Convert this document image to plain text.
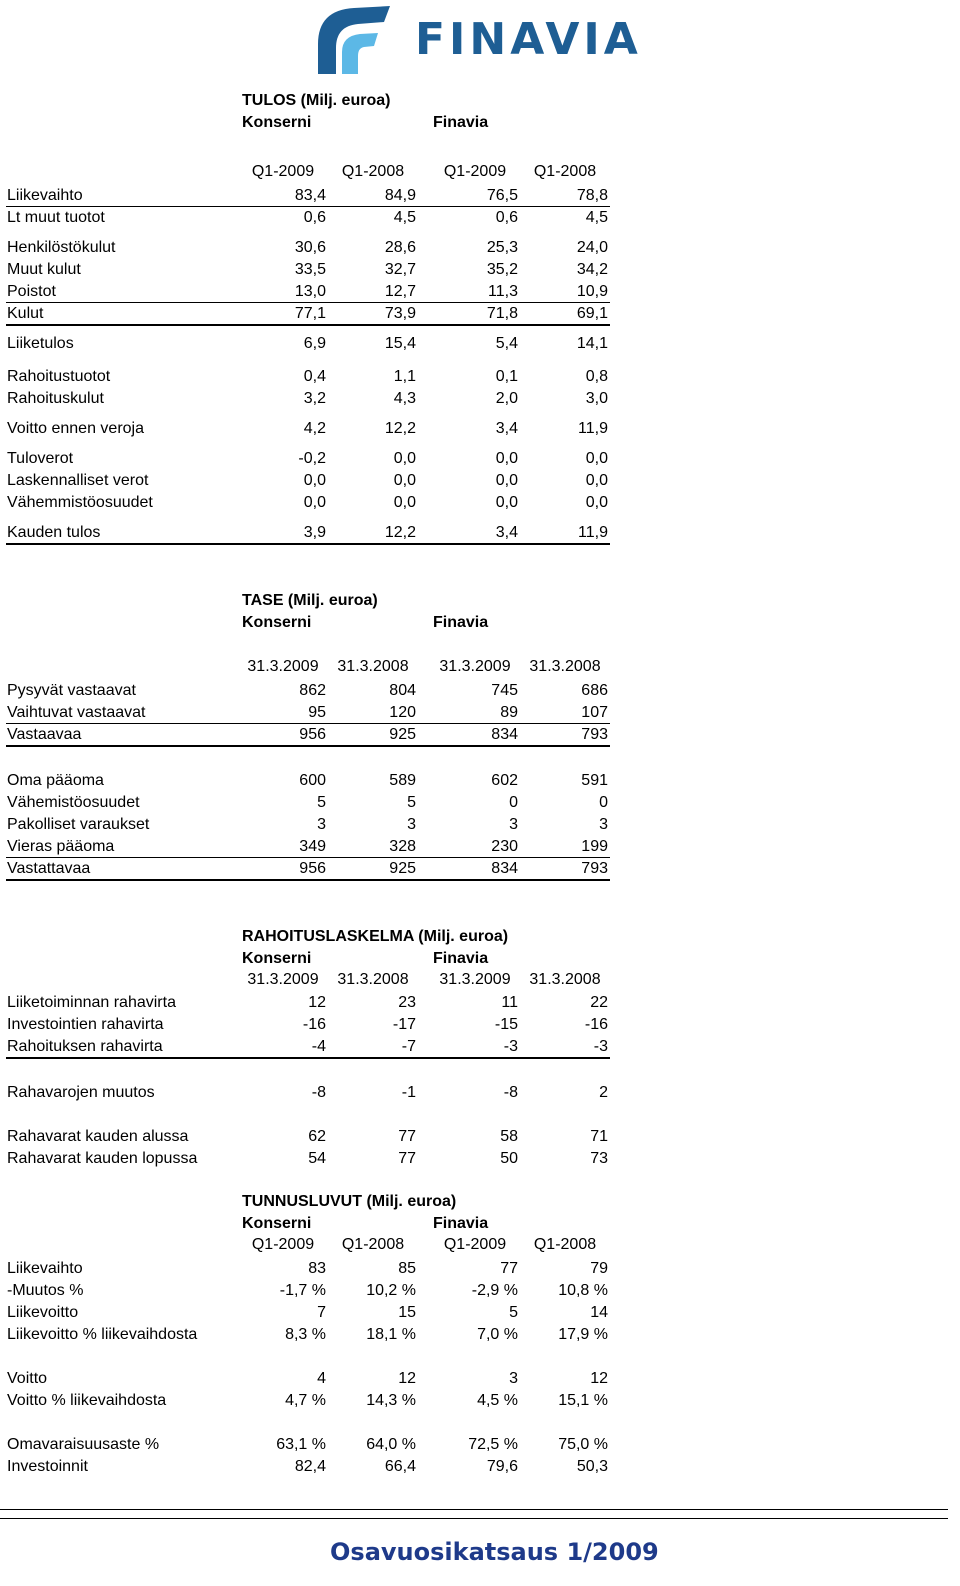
FINAVIA
TULOS (Milj. euroa)
Konserni	Finavia
Q1-2009	Q1-2008	Q1-2009	Q1-2008
Liikevaihto	83,4	84,9	76,5	78,8
Lt muut tuotot	0,6	4,5	0,6	4,5
Henkilöstökulut	30,6	28,6	25,3	24,0
Muut kulut	33,5	32,7	35,2	34,2
Poistot	13,0	12,7	11,3	10,9
Kulut	77,1	73,9	71,8	69,1
Liiketulos	6,9	15,4	5,4	14,1
Rahoitustuotot	0,4	1,1	0,1	0,8
Rahoituskulut	3,2	4,3	2,0	3,0
Voitto ennen veroja	4,2	12,2	3,4	11,9
Tuloverot	-0,2	0,0	0,0	0,0
Laskennalliset verot	0,0	0,0	0,0	0,0
Vähemmistöosuudet	0,0	0,0	0,0	0,0
Kauden tulos	3,9	12,2	3,4	11,9
TASE (Milj. euroa)
Konserni	Finavia
31.3.2009	31.3.2008	31.3.2009	31.3.2008
Pysyvät vastaavat	862	804	745	686
Vaihtuvat vastaavat	95	120	89	107
Vastaavaa	956	925	834	793
Oma pääoma	600	589	602	591
Vähemistöosuudet	5	5	0	0
Pakolliset varaukset	3	3	3	3
Vieras pääoma	349	328	230	199
Vastattavaa	956	925	834	793
RAHOITUSLASKELMA (Milj. euroa)
Konserni	Finavia
31.3.2009	31.3.2008	31.3.2009	31.3.2008
Liiketoiminnan rahavirta	12	23	11	22
Investointien rahavirta	-16	-17	-15	-16
Rahoituksen rahavirta	-4	-7	-3	-3
Rahavarojen muutos	-8	-1	-8	2
Rahavarat kauden alussa	62	77	58	71
Rahavarat kauden lopussa	54	77	50	73
TUNNUSLUVUT (Milj. euroa)
Konserni	Finavia
Q1-2009	Q1-2008	Q1-2009	Q1-2008
Liikevaihto	83	85	77	79
-Muutos %	-1,7 %	10,2 %	-2,9 %	10,8 %
Liikevoitto	7	15	5	14
Liikevoitto % liikevaihdosta	8,3 %	18,1 %	7,0 %	17,9 %
Voitto	4	12	3	12
Voitto % liikevaihdosta	4,7 %	14,3 %	4,5 %	15,1 %
Omavaraisuusaste %	63,1 %	64,0 %	72,5 %	75,0 %
Investoinnit	82,4	66,4	79,6	50,3
Osavuosikatsaus 1/2009
